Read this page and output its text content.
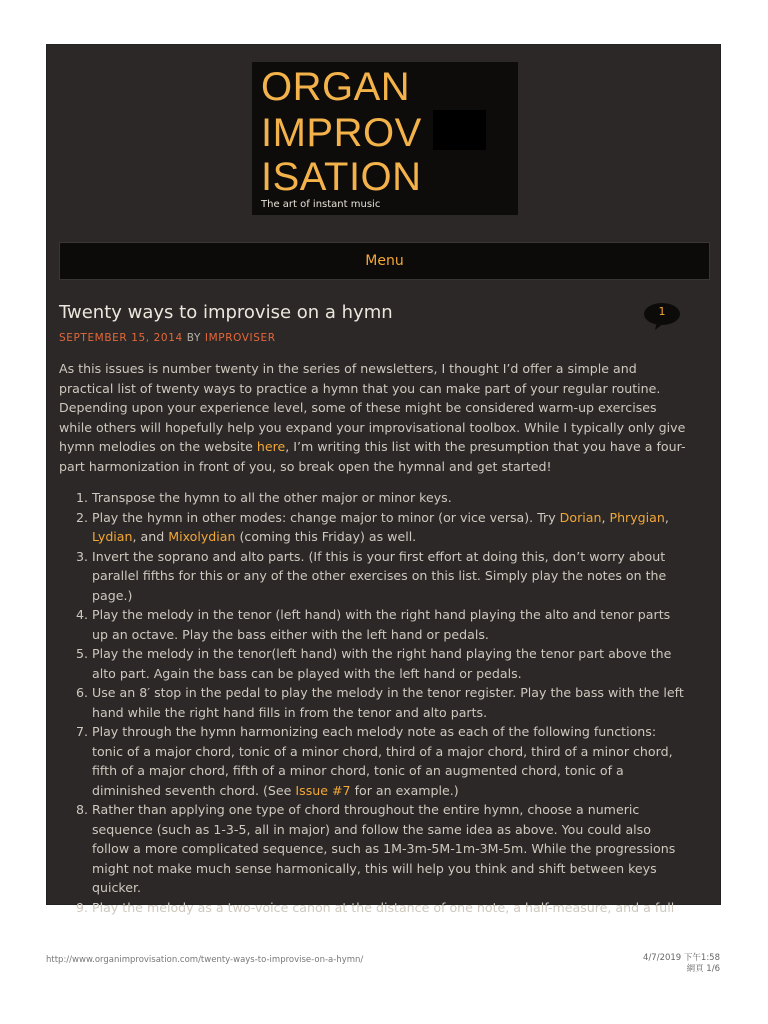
ORGAN
IMPROV
ISATION
The art of instant music
Menu
Twenty ways to improvise on a hymn	1
SEPTEMBER 15, 2014 BY IMPROVISER

As this issues is number twenty in the series of newsletters, I thought I’d offer a simple and practical list of twenty ways to practice a hymn that you can make part of your regular routine. Depending upon your experience level, some of these might be considered warm-up exercises while others will hopefully help you expand your improvisational toolbox. While I typically only give hymn melodies on the website here, I’m writing this list with the presumption that you have a four-part harmonization in front of you, so break open the hymnal and get started!

1. Transpose the hymn to all the other major or minor keys.
2. Play the hymn in other modes: change major to minor (or vice versa). Try Dorian, Phrygian, Lydian, and Mixolydian (coming this Friday) as well.
3. Invert the soprano and alto parts. (If this is your first effort at doing this, don’t worry about parallel fifths for this or any of the other exercises on this list. Simply play the notes on the page.)
4. Play the melody in the tenor (left hand) with the right hand playing the alto and tenor parts up an octave. Play the bass either with the left hand or pedals.
5. Play the melody in the tenor(left hand) with the right hand playing the tenor part above the alto part. Again the bass can be played with the left hand or pedals.
6. Use an 8′ stop in the pedal to play the melody in the tenor register. Play the bass with the left hand while the right hand fills in from the tenor and alto parts.
7. Play through the hymn harmonizing each melody note as each of the following functions: tonic of a major chord, tonic of a minor chord, third of a major chord, third of a minor chord, fifth of a major chord, fifth of a minor chord, tonic of an augmented chord, tonic of a diminished seventh chord. (See Issue #7 for an example.)
8. Rather than applying one type of chord throughout the entire hymn, choose a numeric sequence (such as 1-3-5, all in major) and follow the same idea as above. You could also follow a more complicated sequence, such as 1M-3m-5M-1m-3M-5m. While the progressions might not make much sense harmonically, this will help you think and shift between keys quicker.
9. Play the melody as a two-voice canon at the distance of one note, a half-measure, and a full
http://www.organimprovisation.com/twenty-ways-to-improvise-on-a-hymn/	4/7/2019 下午1:58
網頁 1/6
